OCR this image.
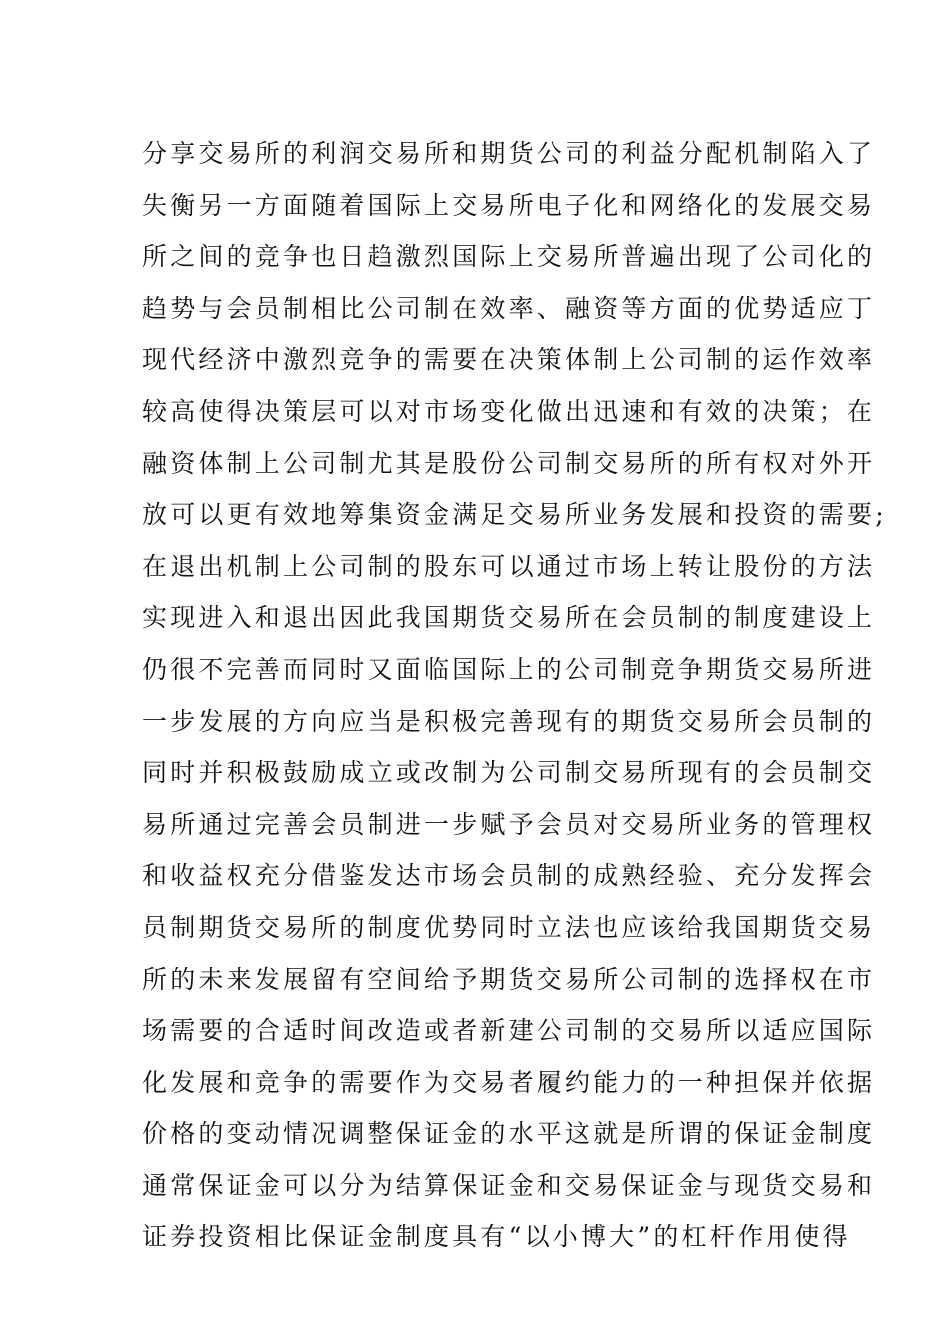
分享交易所的利润交易所和期货公司的利益分配机制陷入了
失衡另一方面随着国际上交易所电子化和网络化的发展交易
所之间的竞争也日趋激烈国际上交易所普遍出现了公司化的
趋势与会员制相比公司制在效率、融资等方面的优势适应丁
现代经济中激烈竞争的需要在决策体制上公司制的运作效率
较高使得决策层可以对市场变化做出迅速和有效的决策；在
融资体制上公司制尤其是股份公司制交易所的所有权对外开
放可以更有效地筹集资金满足交易所业务发展和投资的需要;
在退出机制上公司制的股东可以通过市场上转让股份的方法
实现进入和退出因此我国期货交易所在会员制的制度建设上
仍很不完善而同时又面临国际上的公司制竞争期货交易所进
一步发展的方向应当是积极完善现有的期货交易所会员制的
同时并积极鼓励成立或改制为公司制交易所现有的会员制交
易所通过完善会员制进一步赋予会员对交易所业务的管理权
和收益权充分借鉴发达市场会员制的成熟经验、充分发挥会
员制期货交易所的制度优势同时立法也应该给我国期货交易
所的未来发展留有空间给予期货交易所公司制的选择权在市
场需要的合适时间改造或者新建公司制的交易所以适应国际
化发展和竞争的需要作为交易者履约能力的一种担保并依据
价格的变动情况调整保证金的水平这就是所谓的保证金制度
通常保证金可以分为结算保证金和交易保证金与现货交易和
证券投资相比保证金制度具有“以小博大”的杠杆作用使得
